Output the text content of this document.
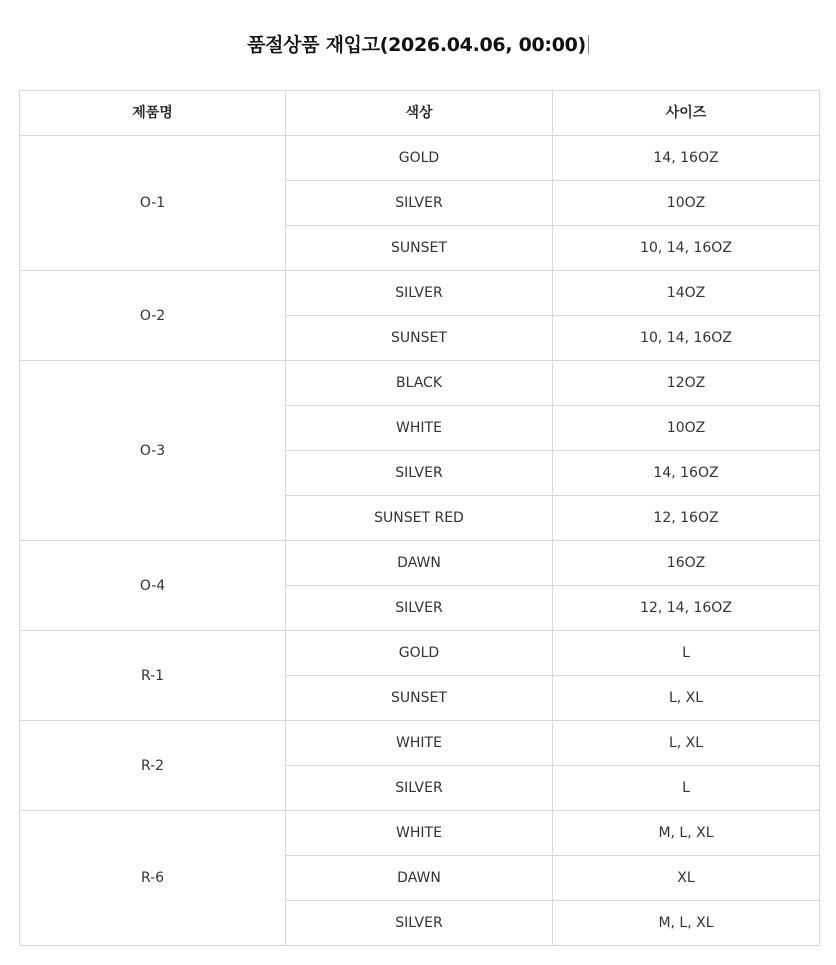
품절상품 재입고(2026.04.06, 00:00)
제품명	색상	사이즈
O-1	GOLD	14, 16OZ
	SILVER	10OZ
	SUNSET	10, 14, 16OZ
O-2	SILVER	14OZ
	SUNSET	10, 14, 16OZ
O-3	BLACK	12OZ
	WHITE	10OZ
	SILVER	14, 16OZ
	SUNSET RED	12, 16OZ
O-4	DAWN	16OZ
	SILVER	12, 14, 16OZ
R-1	GOLD	L
	SUNSET	L, XL
R-2	WHITE	L, XL
	SILVER	L
R-6	WHITE	M, L, XL
	DAWN	XL
	SILVER	M, L, XL
